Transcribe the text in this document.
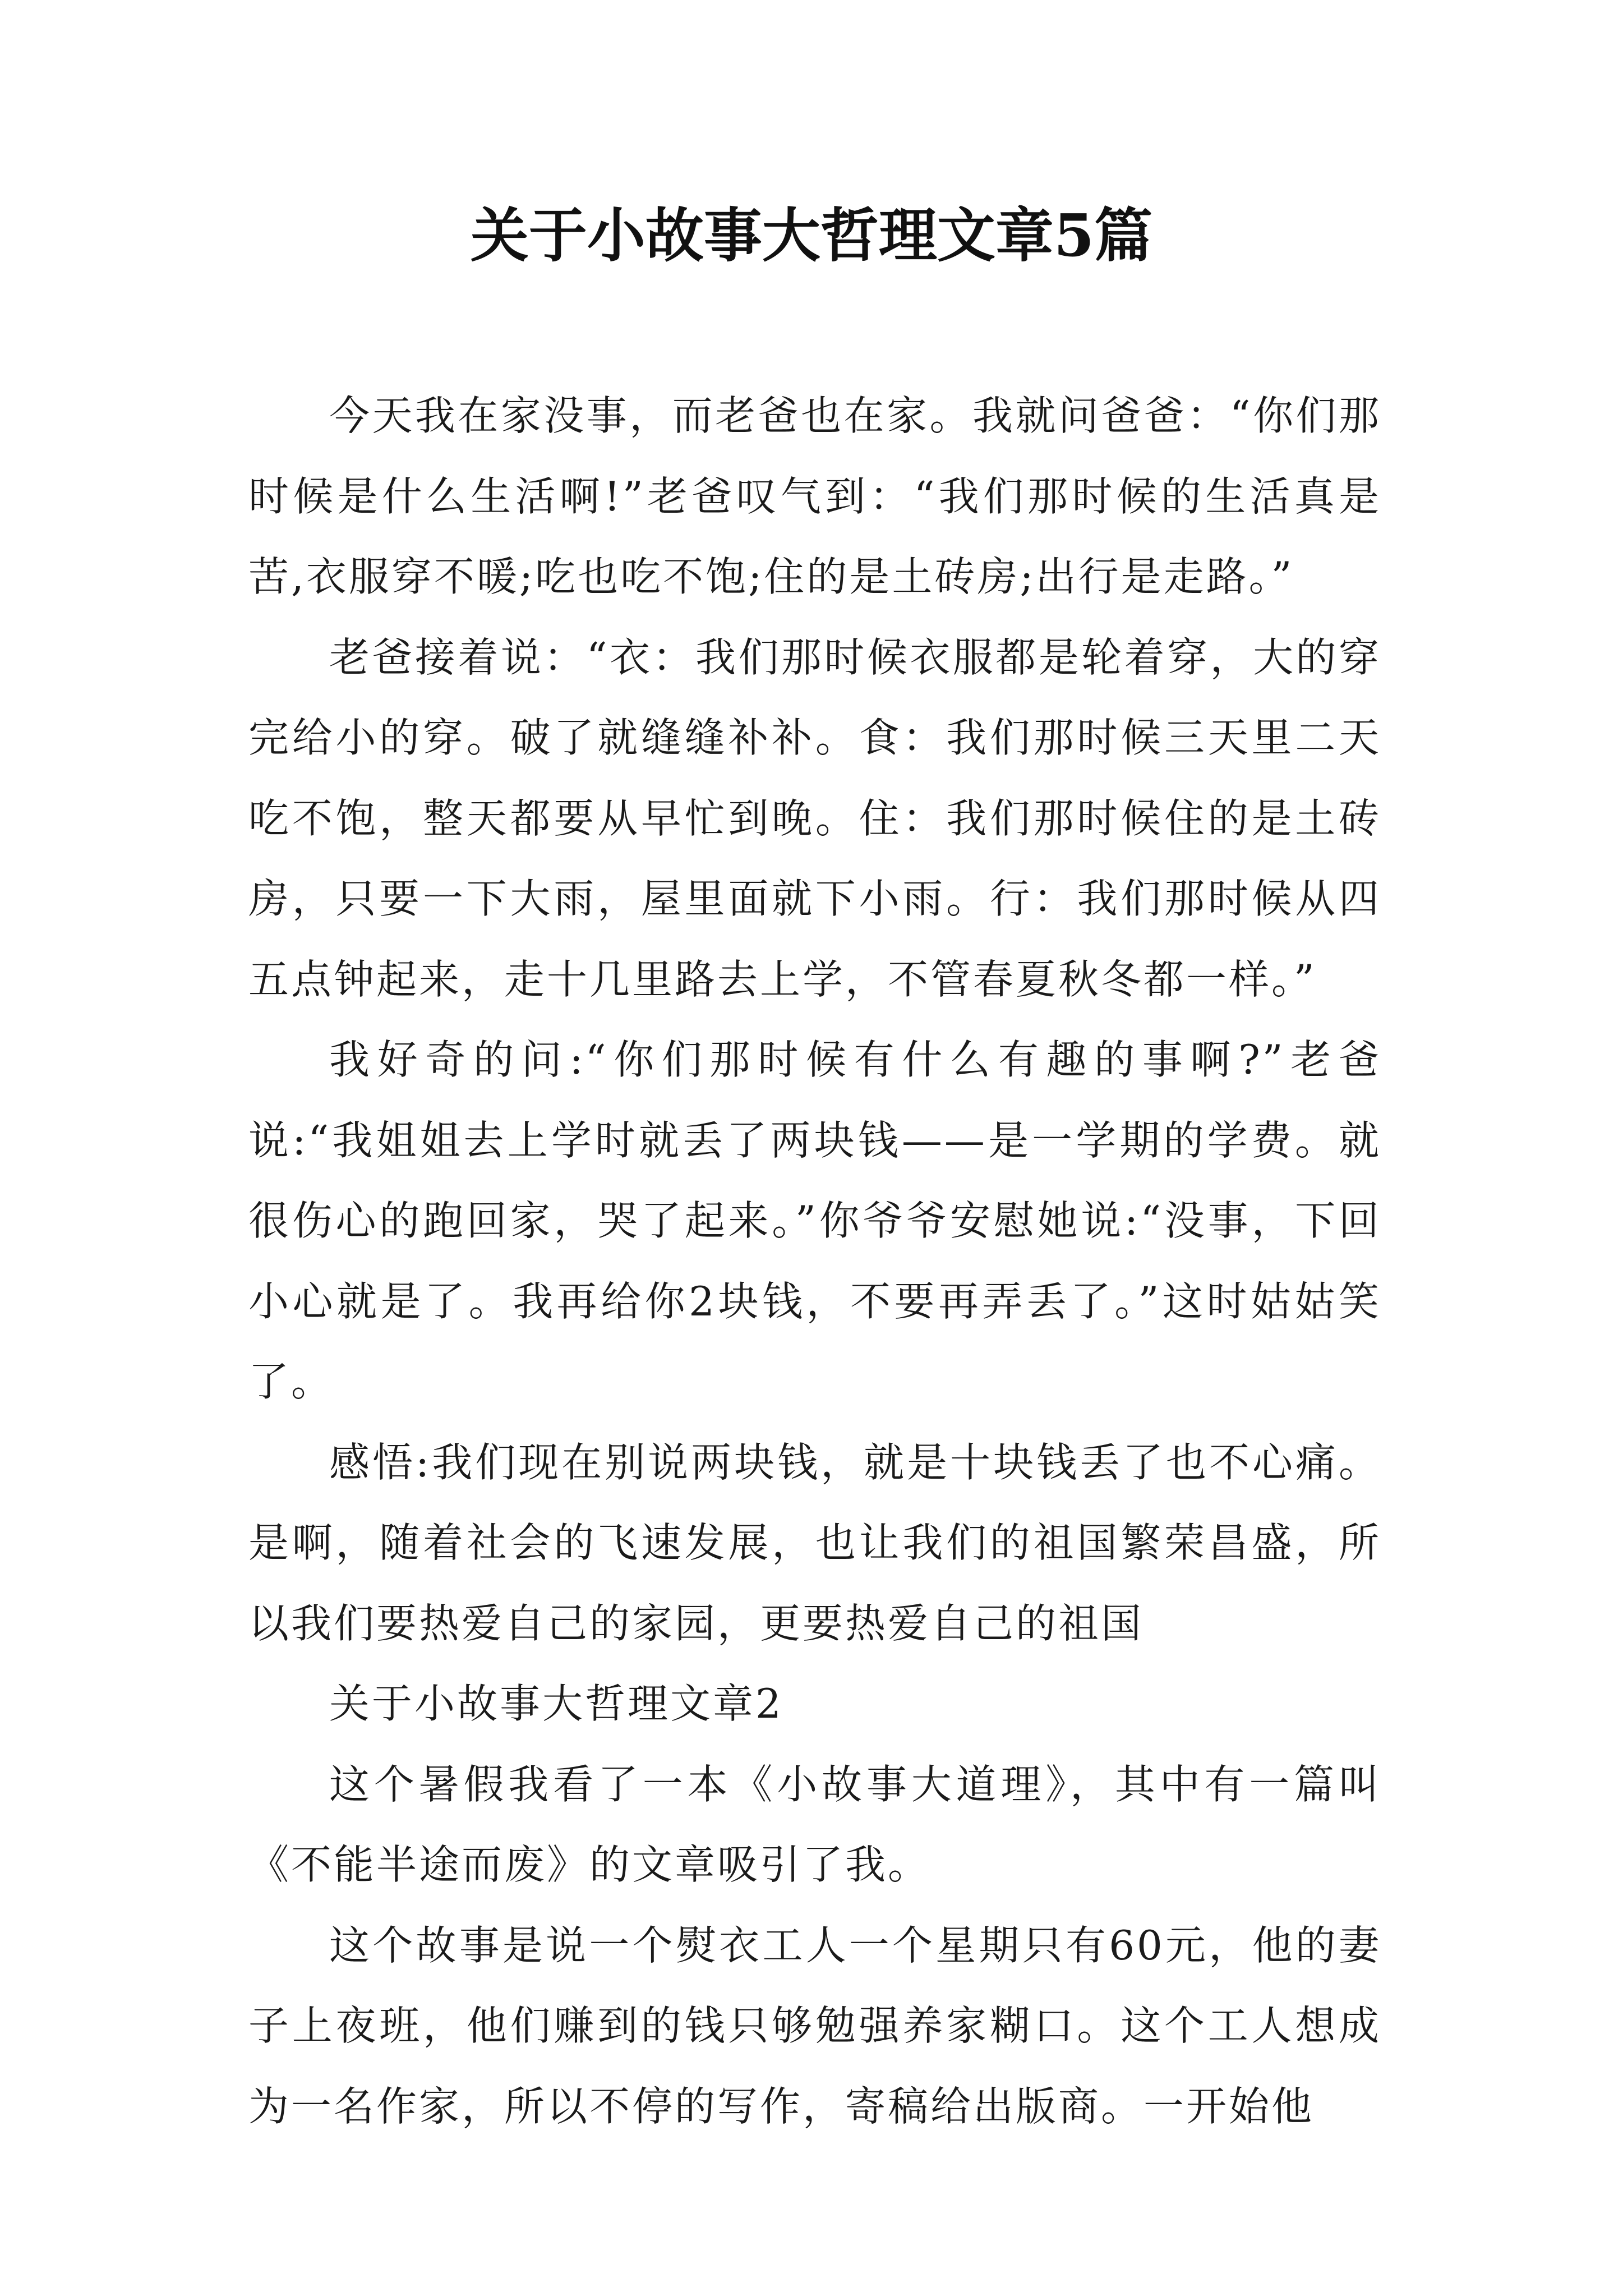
关于小故事大哲理文章5篇

今天我在家没事，而老爸也在家。我就问爸爸：“你们那时候是什么生活啊!”老爸叹气到：“我们那时候的生活真是苦,衣服穿不暖;吃也吃不饱;住的是土砖房;出行是走路。”

老爸接着说：“衣：我们那时候衣服都是轮着穿，大的穿完给小的穿。破了就缝缝补补。食：我们那时候三天里二天吃不饱，整天都要从早忙到晚。住：我们那时候住的是土砖房，只要一下大雨，屋里面就下小雨。行：我们那时候从四五点钟起来，走十几里路去上学，不管春夏秋冬都一样。”

我好奇的问:“你们那时候有什么有趣的事啊?”老爸说:“我姐姐去上学时就丢了两块钱——是一学期的学费。就很伤心的跑回家，哭了起来。”你爷爷安慰她说:“没事，下回小心就是了。我再给你2块钱，不要再弄丢了。”这时姑姑笑了。

感悟:我们现在别说两块钱，就是十块钱丢了也不心痛。是啊，随着社会的飞速发展，也让我们的祖国繁荣昌盛，所以我们要热爱自己的家园，更要热爱自己的祖国

关于小故事大哲理文章2

这个暑假我看了一本《小故事大道理》，其中有一篇叫《不能半途而废》的文章吸引了我。

这个故事是说一个熨衣工人一个星期只有60元，他的妻子上夜班，他们赚到的钱只够勉强养家糊口。这个工人想成为一名作家，所以不停的写作，寄稿给出版商。一开始他
